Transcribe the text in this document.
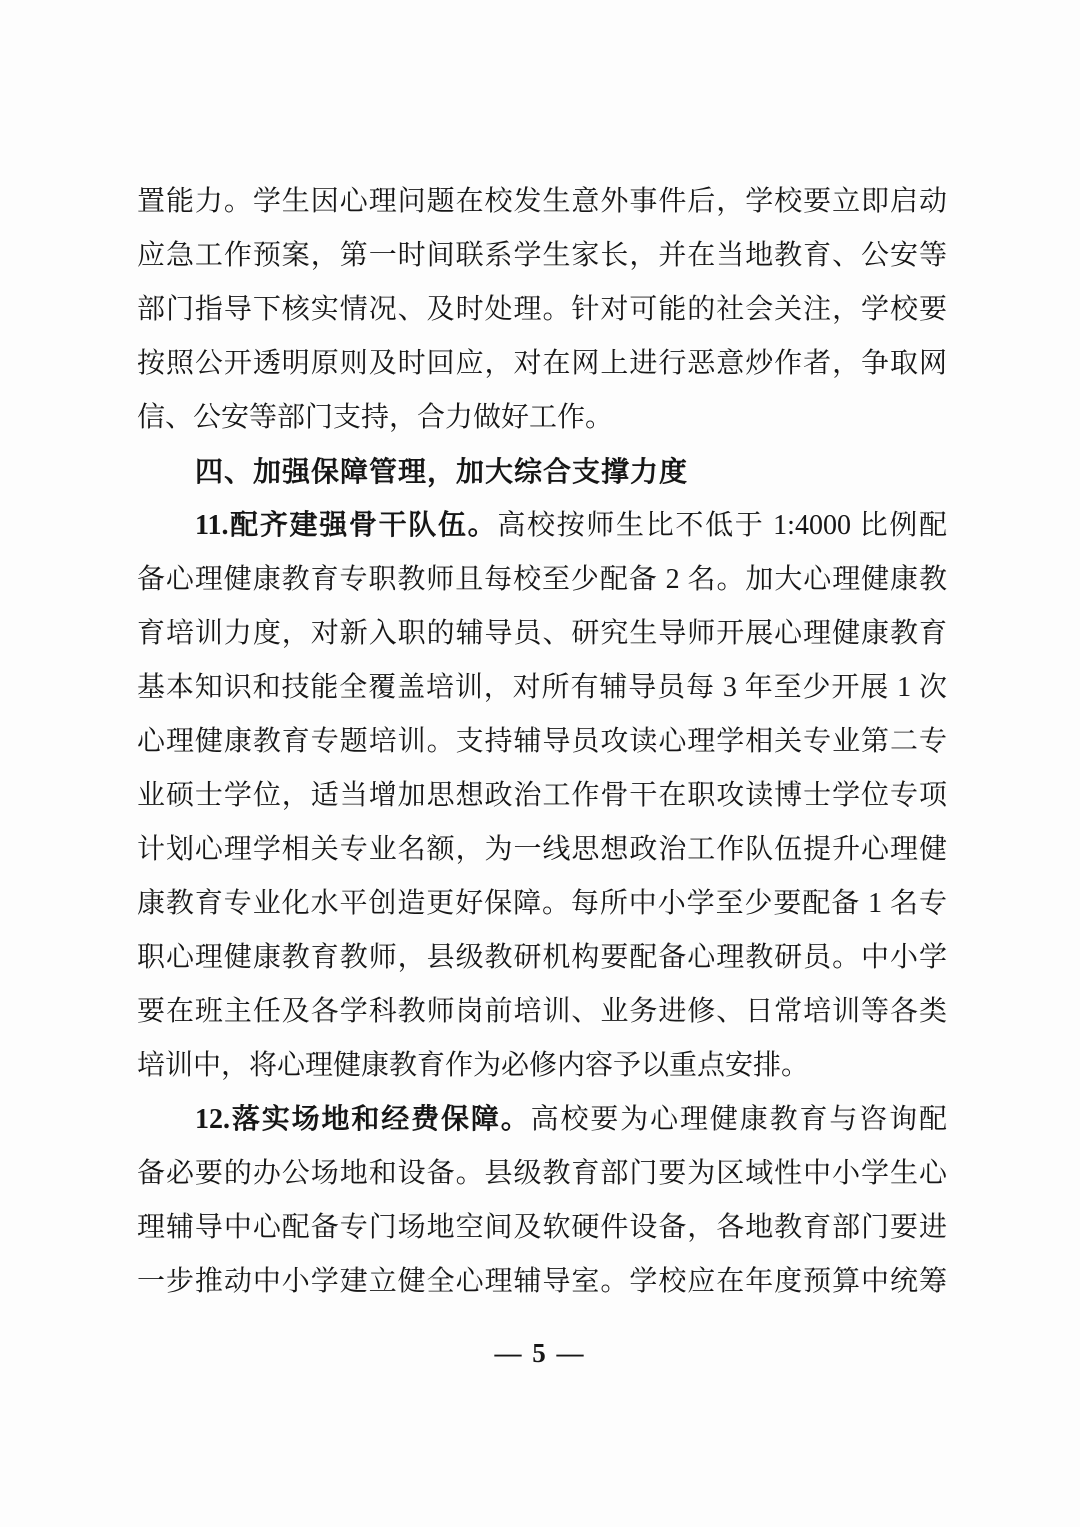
置能力。学生因心理问题在校发生意外事件后，学校要立即启动
应急工作预案，第一时间联系学生家长，并在当地教育、公安等
部门指导下核实情况、及时处理。针对可能的社会关注，学校要
按照公开透明原则及时回应，对在网上进行恶意炒作者，争取网
信、公安等部门支持，合力做好工作。
四、加强保障管理，加大综合支撑力度
11.配齐建强骨干队伍。高校按师生比不低于 1:4000 比例配
备心理健康教育专职教师且每校至少配备 2 名。加大心理健康教
育培训力度，对新入职的辅导员、研究生导师开展心理健康教育
基本知识和技能全覆盖培训，对所有辅导员每 3 年至少开展 1 次
心理健康教育专题培训。支持辅导员攻读心理学相关专业第二专
业硕士学位，适当增加思想政治工作骨干在职攻读博士学位专项
计划心理学相关专业名额，为一线思想政治工作队伍提升心理健
康教育专业化水平创造更好保障。每所中小学至少要配备 1 名专
职心理健康教育教师，县级教研机构要配备心理教研员。中小学
要在班主任及各学科教师岗前培训、业务进修、日常培训等各类
培训中，将心理健康教育作为必修内容予以重点安排。
12.落实场地和经费保障。高校要为心理健康教育与咨询配
备必要的办公场地和设备。县级教育部门要为区域性中小学生心
理辅导中心配备专门场地空间及软硬件设备，各地教育部门要进
一步推动中小学建立健全心理辅导室。学校应在年度预算中统筹
— 5 —
